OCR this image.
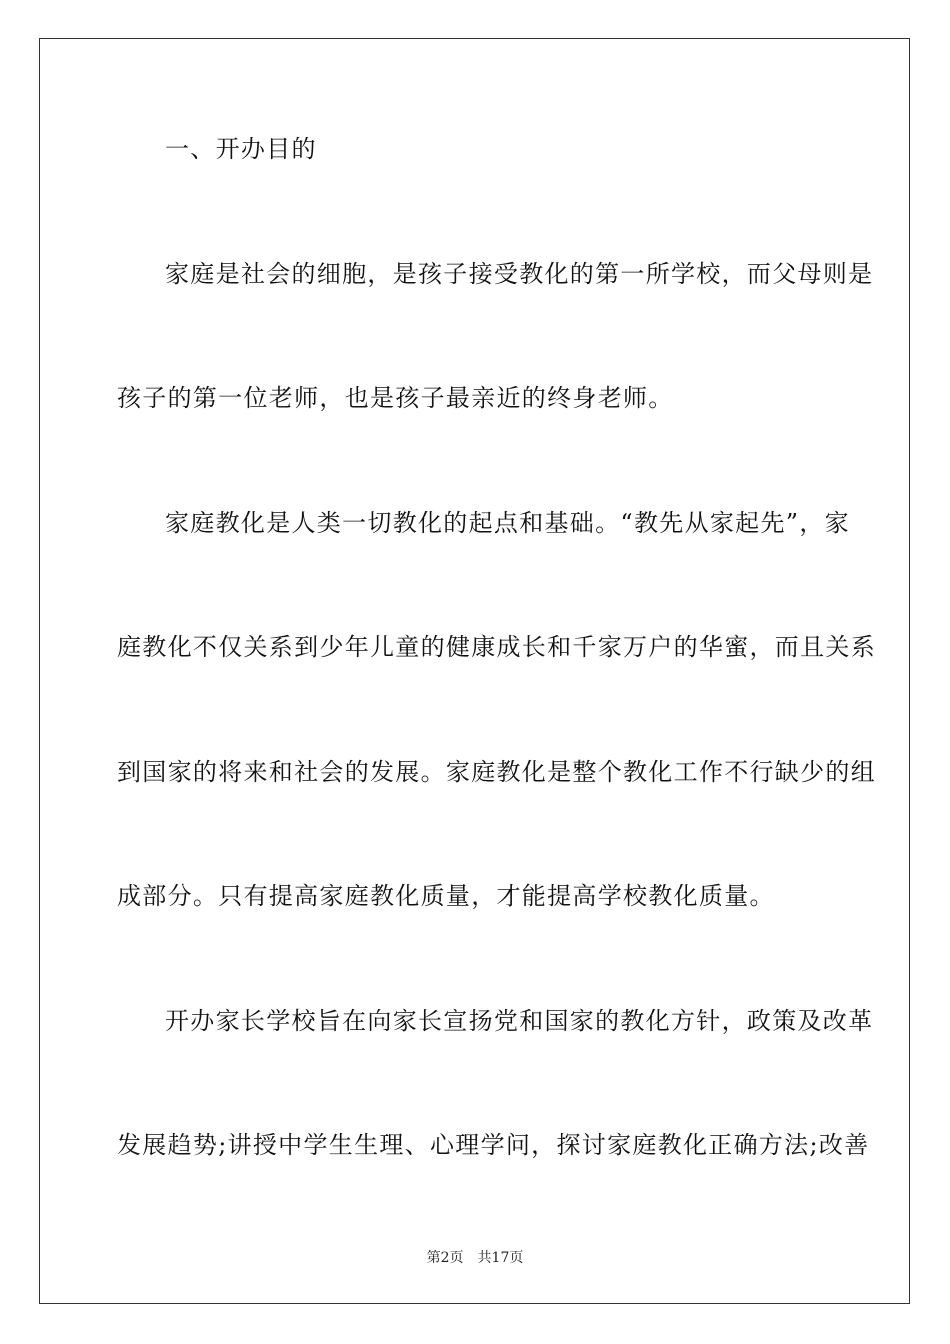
一、开办目的
家庭是社会的细胞，是孩子接受教化的第一所学校，而父母则是
孩子的第一位老师，也是孩子最亲近的终身老师。
家庭教化是人类一切教化的起点和基础。“教先从家起先”，家
庭教化不仅关系到少年儿童的健康成长和千家万户的华蜜，而且关系
到国家的将来和社会的发展。家庭教化是整个教化工作不行缺少的组
成部分。只有提高家庭教化质量，才能提高学校教化质量。
开办家长学校旨在向家长宣扬党和国家的教化方针，政策及改革
发展趋势;讲授中学生生理、心理学问，探讨家庭教化正确方法;改善
第2页 共17页
